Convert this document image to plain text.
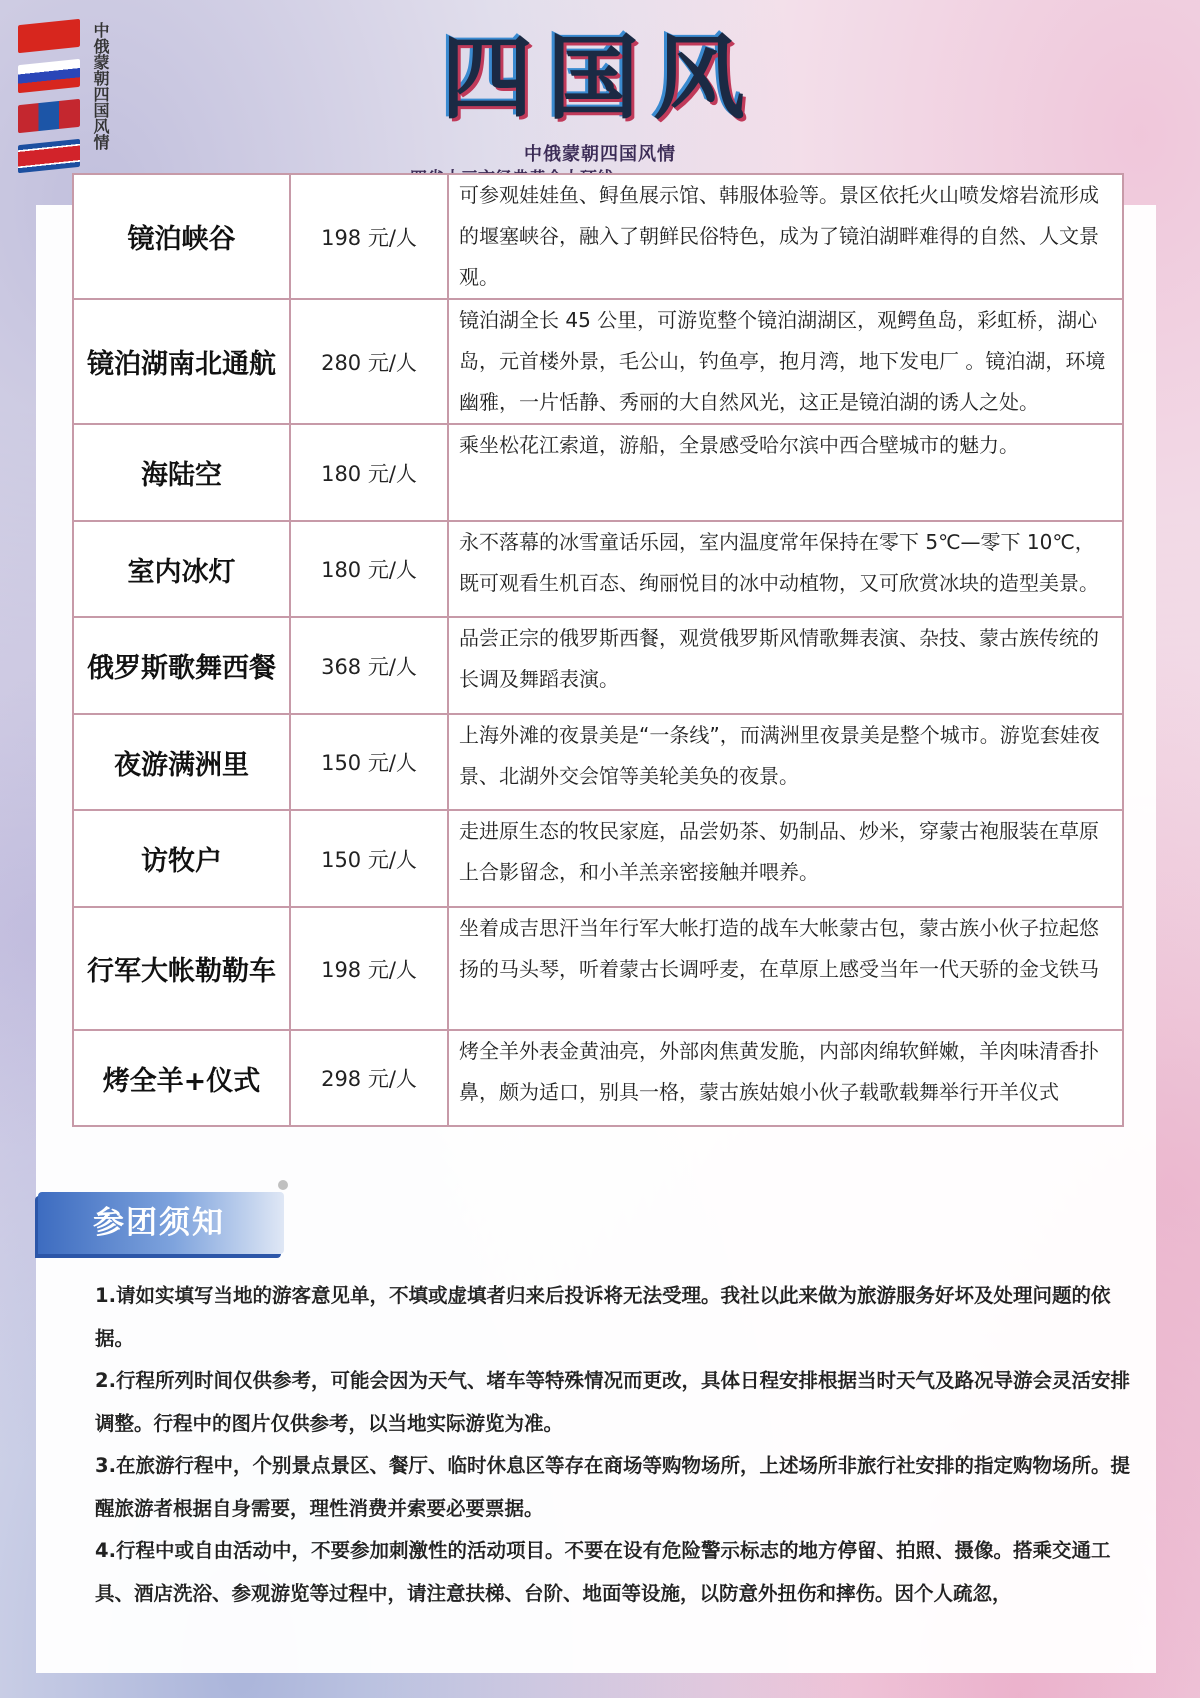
中俄蒙朝四国风情	四国风
中俄蒙朝四国风情
镜泊峡谷	198 元/人	可参观娃娃鱼、鲟鱼展示馆、韩服体验等。景区依托火山喷发熔岩流形成的堰塞峡谷，融入了朝鲜民俗特色，成为了镜泊湖畔难得的自然、人文景观。
镜泊湖南北通航	280 元/人	镜泊湖全长 45 公里，可游览整个镜泊湖湖区，观鳄鱼岛，彩虹桥，湖心岛，元首楼外景，毛公山，钓鱼亭，抱月湾，地下发电厂 。镜泊湖，环境幽雅，一片恬静、秀丽的大自然风光，这正是镜泊湖的诱人之处。
海陆空	180 元/人	乘坐松花江索道，游船，全景感受哈尔滨中西合壁城市的魅力。
室内冰灯	180 元/人	永不落幕的冰雪童话乐园，室内温度常年保持在零下 5℃—零下 10℃，既可观看生机百态、绚丽悦目的冰中动植物，又可欣赏冰块的造型美景。
俄罗斯歌舞西餐	368 元/人	品尝正宗的俄罗斯西餐，观赏俄罗斯风情歌舞表演、杂技、蒙古族传统的长调及舞蹈表演。
夜游满洲里	150 元/人	上海外滩的夜景美是“一条线”，而满洲里夜景美是整个城市。游览套娃夜景、北湖外交会馆等美轮美奂的夜景。
访牧户	150 元/人	走进原生态的牧民家庭，品尝奶茶、奶制品、炒米，穿蒙古袍服装在草原上合影留念，和小羊羔亲密接触并喂养。
行军大帐勒勒车	198 元/人	坐着成吉思汗当年行军大帐打造的战车大帐蒙古包，蒙古族小伙子拉起悠扬的马头琴，听着蒙古长调呼麦，在草原上感受当年一代天骄的金戈铁马
烤全羊+仪式	298 元/人	烤全羊外表金黄油亮，外部肉焦黄发脆，内部肉绵软鲜嫩，羊肉味清香扑鼻，颇为适口，别具一格，蒙古族姑娘小伙子载歌载舞举行开羊仪式
参团须知

1.请如实填写当地的游客意见单，不填或虚填者归来后投诉将无法受理。我社以此来做为旅游服务好坏及处理问题的依据。

2.行程所列时间仅供参考，可能会因为天气、堵车等特殊情况而更改，具体日程安排根据当时天气及路况导游会灵活安排调整。行程中的图片仅供参考，以当地实际游览为准。

3.在旅游行程中，个别景点景区、餐厅、临时休息区等存在商场等购物场所，上述场所非旅行社安排的指定购物场所。提醒旅游者根据自身需要，理性消费并索要必要票据。

4.行程中或自由活动中，不要参加刺激性的活动项目。不要在设有危险警示标志的地方停留、拍照、摄像。搭乘交通工具、酒店洗浴、参观游览等过程中，请注意扶梯、台阶、地面等设施，以防意外扭伤和摔伤。因个人疏忽，
